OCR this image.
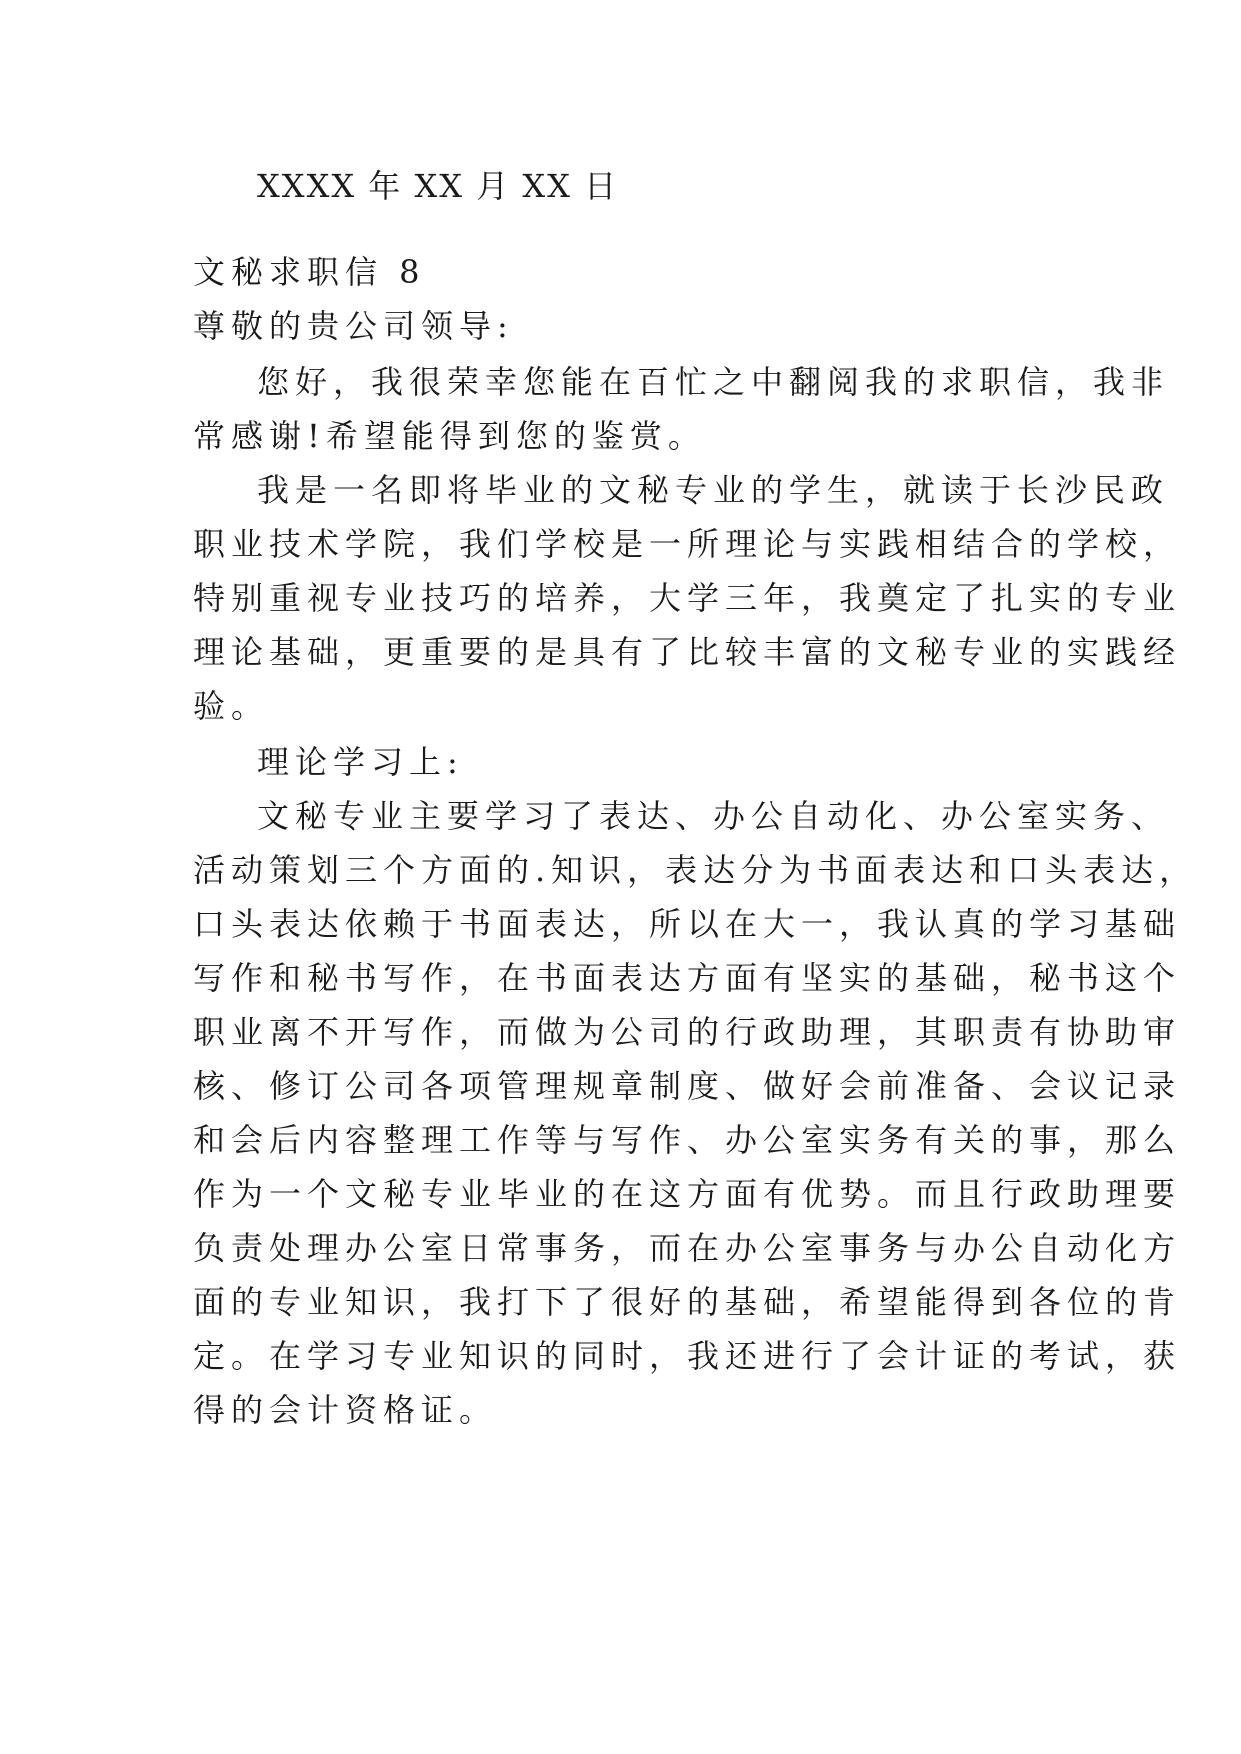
XXXX 年 XX 月 XX 日
文秘求职信 8
尊敬的贵公司领导:
您好，我很荣幸您能在百忙之中翻阅我的求职信，我非
常感谢!希望能得到您的鉴赏。
我是一名即将毕业的文秘专业的学生，就读于长沙民政
职业技术学院，我们学校是一所理论与实践相结合的学校，
特别重视专业技巧的培养，大学三年，我奠定了扎实的专业
理论基础，更重要的是具有了比较丰富的文秘专业的实践经
验。
理论学习上:
文秘专业主要学习了表达、办公自动化、办公室实务、
活动策划三个方面的.知识，表达分为书面表达和口头表达，
口头表达依赖于书面表达，所以在大一，我认真的学习基础
写作和秘书写作，在书面表达方面有坚实的基础，秘书这个
职业离不开写作，而做为公司的行政助理，其职责有协助审
核、修订公司各项管理规章制度、做好会前准备、会议记录
和会后内容整理工作等与写作、办公室实务有关的事，那么
作为一个文秘专业毕业的在这方面有优势。而且行政助理要
负责处理办公室日常事务，而在办公室事务与办公自动化方
面的专业知识，我打下了很好的基础，希望能得到各位的肯
定。在学习专业知识的同时，我还进行了会计证的考试，获
得的会计资格证。
